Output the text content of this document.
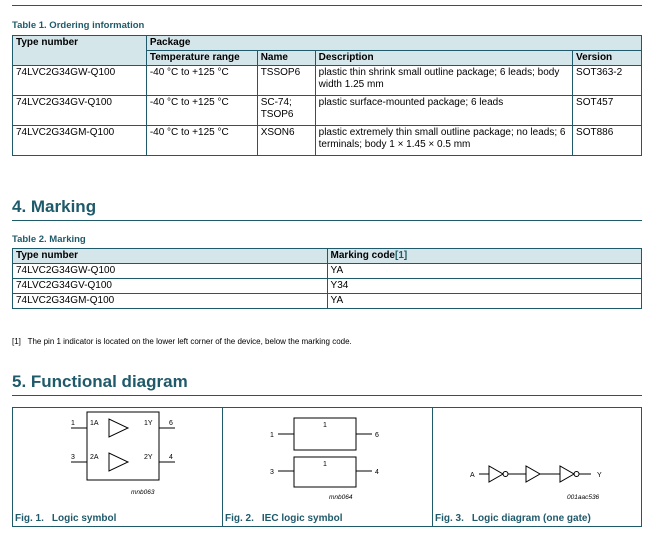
Table 1. Ordering information
Type number	Package			
	Temperature range	Name	Description	Version
74LVC2G34GW-Q100	-40 °C to +125 °C	TSSOP6	plastic thin shrink small outline package; 6 leads; body width 1.25 mm	SOT363-2
74LVC2G34GV-Q100	-40 °C to +125 °C	SC-74; TSOP6	plastic surface-mounted package; 6 leads	SOT457
74LVC2G34GM-Q100	-40 °C to +125 °C	XSON6	plastic extremely thin small outline package; no leads; 6 terminals; body 1 × 1.45 × 0.5 mm	SOT886
4. Marking
Table 2. Marking
Type number	Marking code[1]
74LVC2G34GW-Q100	YA
74LVC2G34GV-Q100	Y34
74LVC2G34GM-Q100	YA
[1] The pin 1 indicator is located on the lower left corner of the device, below the marking code.
5. Functional diagram
1 1A	1Y 6
3 2A	2Y 4
mnb063
Fig. 1. Logic symbol
1	6
3	4
1
1
mnb064
Fig. 2. IEC logic symbol
A	Y
001aac536
Fig. 3. Logic diagram (one gate)
